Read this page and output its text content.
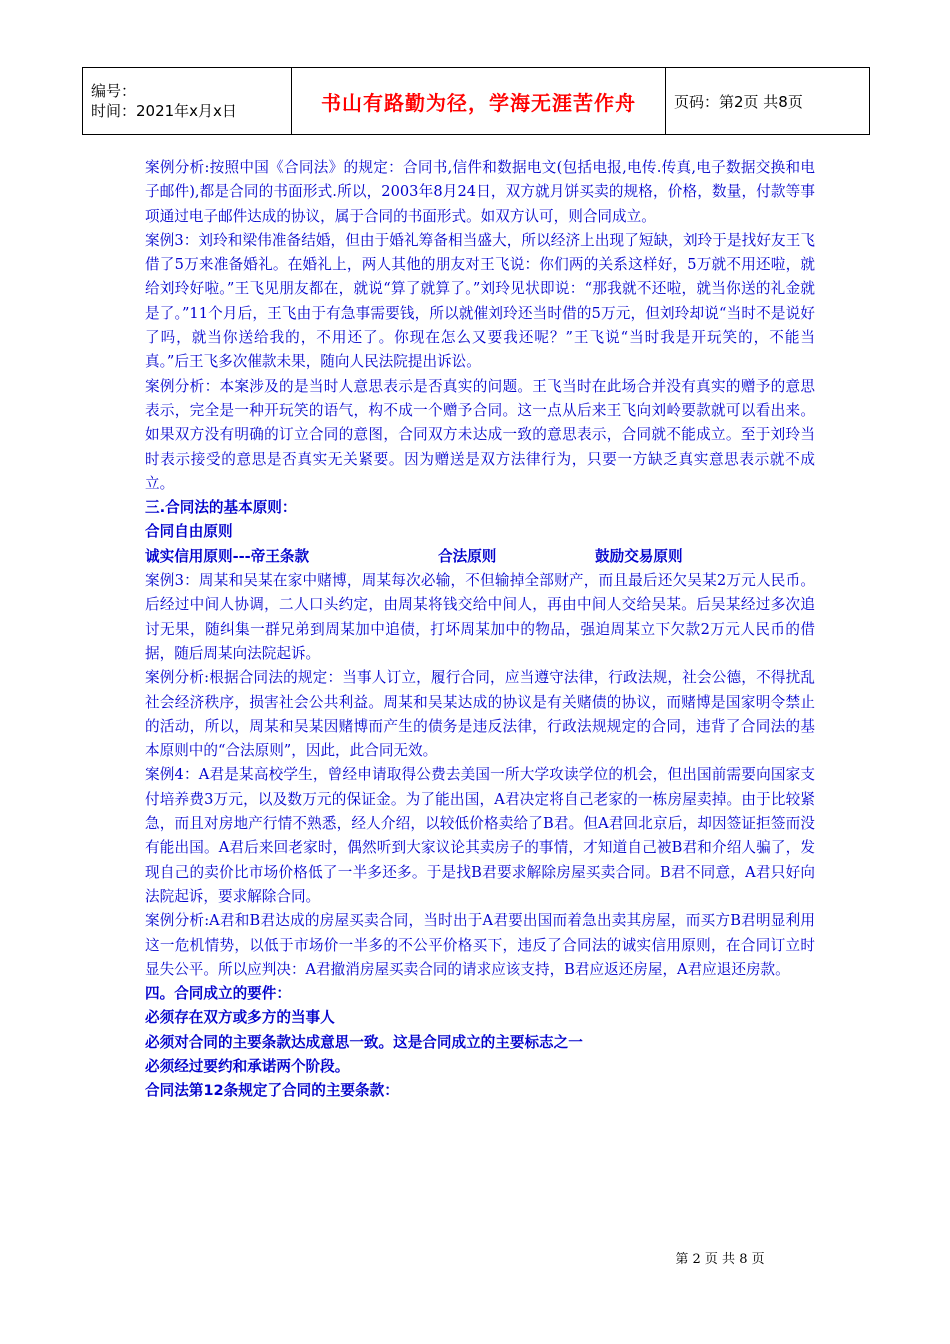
编号：
时间：2021年x月x日	书山有路勤为径，学海无涯苦作舟	页码：第2页 共8页

案例分析:按照中国《合同法》的规定：合同书,信件和数据电文(包括电报,电传.传真,电子数据交换和电子邮件),都是合同的书面形式.所以，2003年8月24日，双方就月饼买卖的规格，价格，数量，付款等事项通过电子邮件达成的协议，属于合同的书面形式。如双方认可，则合同成立。

案例3：刘玲和梁伟准备结婚，但由于婚礼筹备相当盛大，所以经济上出现了短缺，刘玲于是找好友王飞借了5万来准备婚礼。在婚礼上，两人其他的朋友对王飞说：你们两的关系这样好，5万就不用还啦，就给刘玲好啦。”王飞见朋友都在，就说“算了就算了。”刘玲见状即说：“那我就不还啦，就当你送的礼金就是了。”11个月后，王飞由于有急事需要钱，所以就催刘玲还当时借的5万元，但刘玲却说“当时不是说好了吗，就当你送给我的，不用还了。你现在怎么又要我还呢？”王飞说“当时我是开玩笑的，不能当真。”后王飞多次催款未果，随向人民法院提出诉讼。

案例分析：本案涉及的是当时人意思表示是否真实的问题。王飞当时在此场合并没有真实的赠予的意思表示，完全是一种开玩笑的语气，构不成一个赠予合同。这一点从后来王飞向刘岭要款就可以看出来。如果双方没有明确的订立合同的意图，合同双方未达成一致的意思表示，合同就不能成立。至于刘玲当时表示接受的意思是否真实无关紧要。因为赠送是双方法律行为，只要一方缺乏真实意思表示就不成立。

三.合同法的基本原则：

合同自由原则

诚实信用原则---帝王条款	合法原则	鼓励交易原则

案例3：周某和吴某在家中赌博，周某每次必输，不但输掉全部财产，而且最后还欠吴某2万元人民币。后经过中间人协调，二人口头约定，由周某将钱交给中间人，再由中间人交给吴某。后吴某经过多次追讨无果，随纠集一群兄弟到周某加中追债，打坏周某加中的物品，强迫周某立下欠款2万元人民币的借据，随后周某向法院起诉。

案例分析:根据合同法的规定：当事人订立，履行合同，应当遵守法律，行政法规，社会公德，不得扰乱社会经济秩序，损害社会公共利益。周某和吴某达成的协议是有关赌债的协议，而赌博是国家明令禁止的活动，所以，周某和吴某因赌博而产生的债务是违反法律，行政法规规定的合同，违背了合同法的基本原则中的“合法原则”，因此，此合同无效。

案例4：A君是某高校学生，曾经申请取得公费去美国一所大学攻读学位的机会，但出国前需要向国家支付培养费3万元，以及数万元的保证金。为了能出国，A君决定将自己老家的一栋房屋卖掉。由于比较紧急，而且对房地产行情不熟悉，经人介绍，以较低价格卖给了B君。但A君回北京后，却因签证拒签而没有能出国。A君后来回老家时，偶然听到大家议论其卖房子的事情，才知道自己被B君和介绍人骗了，发现自己的卖价比市场价格低了一半多还多。于是找B君要求解除房屋买卖合同。B君不同意，A君只好向法院起诉，要求解除合同。

案例分析:A君和B君达成的房屋买卖合同，当时出于A君要出国而着急出卖其房屋，而买方B君明显利用这一危机情势，以低于市场价一半多的不公平价格买下，违反了合同法的诚实信用原则，在合同订立时显失公平。所以应判决：A君撤消房屋买卖合同的请求应该支持，B君应返还房屋，A君应退还房款。

四。合同成立的要件：

必须存在双方或多方的当事人

必须对合同的主要条款达成意思一致。这是合同成立的主要标志之一

必须经过要约和承诺两个阶段。

合同法第12条规定了合同的主要条款：

第 2 页 共 8 页
